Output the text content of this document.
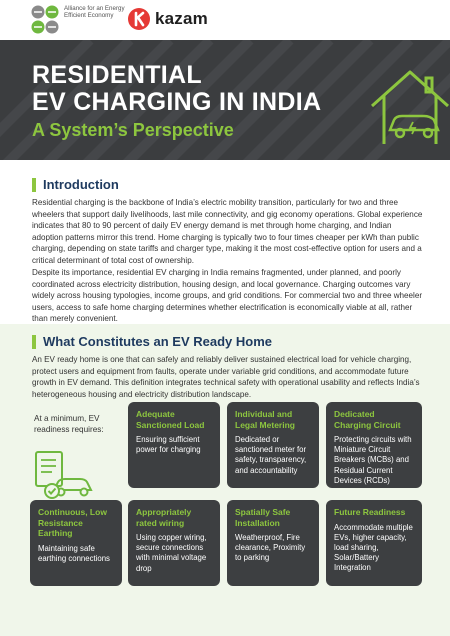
Alliance for an Energy Efficient Economy	kazam
RESIDENTIAL
EV CHARGING IN INDIA
A System’s Perspective
Introduction

Residential charging is the backbone of India’s electric mobility transition, particularly for two and three wheelers that support daily livelihoods, last mile connectivity, and gig economy operations. Global experience indicates that 80 to 90 percent of daily EV energy demand is met through home charging, and Indian adoption patterns mirror this trend. Home charging is typically two to four times cheaper per kWh than public charging, depending on state tariffs and charger type, making it the most cost-effective option for users and a critical determinant of total cost of ownership.

Despite its importance, residential EV charging in India remains fragmented, under planned, and poorly coordinated across electricity distribution, housing design, and local governance. Charging outcomes vary widely across housing typologies, income groups, and grid conditions. For commercial two and three wheeler users, access to safe home charging determines whether electrification is economically viable at all, rather than merely convenient.

What Constitutes an EV Ready Home

An EV ready home is one that can safely and reliably deliver sustained electrical load for vehicle charging, protect users and equipment from faults, operate under variable grid conditions, and accommodate future growth in EV demand. This definition integrates technical safety with operational usability and reflects India’s heterogeneous housing and electricity distribution landscape.

At a minimum, EV readiness requires:
Adequate Sanctioned Load
Ensuring sufficient power for charging
Individual and Legal Metering
Dedicated or sanctioned meter for safety, transparency, and accountability
Dedicated Charging Circuit
Protecting circuits with Miniature Circuit Breakers (MCBs) and Residual Current Devices (RCDs)
Continuous, Low Resistance Earthing
Maintaining safe earthing connections
Appropriately rated wiring
Using copper wiring, secure connections with minimal voltage drop
Spatially Safe Installation
Weatherproof, Fire clearance, Proximity to parking
Future Readiness
Accommodate multiple EVs, higher capacity, load sharing, Solar/Battery Integration
